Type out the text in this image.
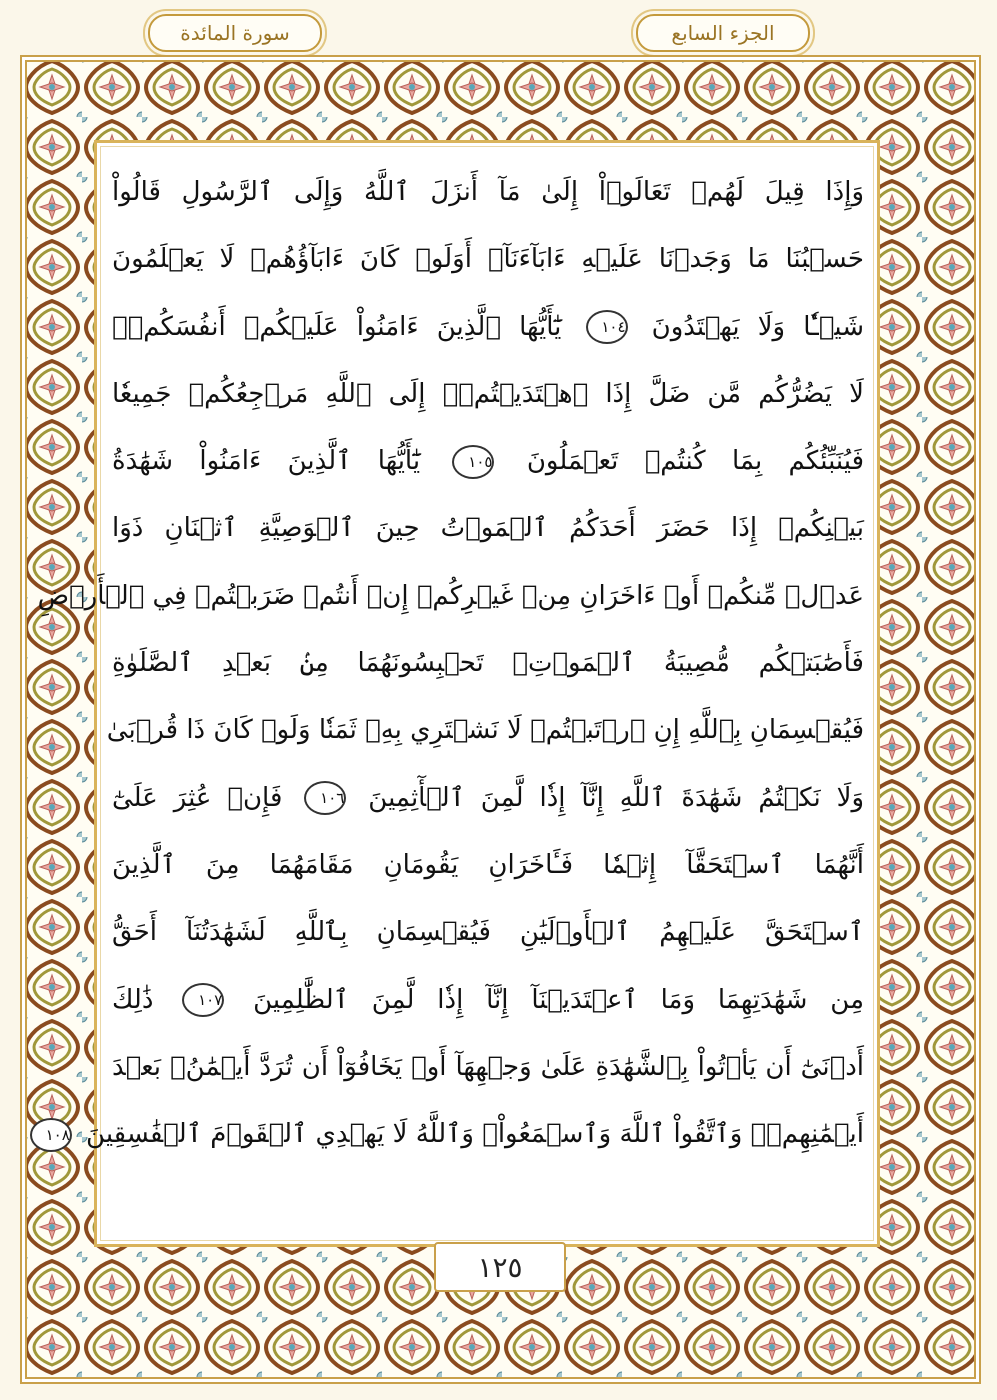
سورة المائدة	الجزء السابع
وَإِذَا قِيلَ لَهُمۡ تَعَالَوۡاْ إِلَىٰ مَآ أَنزَلَ ٱللَّهُ وَإِلَى ٱلرَّسُولِ قَالُواْ
حَسۡبُنَا مَا وَجَدۡنَا عَلَيۡهِ ءَابَآءَنَآۚ أَوَلَوۡ كَانَ ءَابَآؤُهُمۡ لَا يَعۡلَمُونَ
شَيۡـٔٗا وَلَا يَهۡتَدُونَ ١٠٤ يَٰٓأَيُّهَا ٱلَّذِينَ ءَامَنُواْ عَلَيۡكُمۡ أَنفُسَكُمۡۖ
لَا يَضُرُّكُم مَّن ضَلَّ إِذَا ٱهۡتَدَيۡتُمۡۚ إِلَى ٱللَّهِ مَرۡجِعُكُمۡ جَمِيعٗا
فَيُنَبِّئُكُم بِمَا كُنتُمۡ تَعۡمَلُونَ ١٠٥ يَٰٓأَيُّهَا ٱلَّذِينَ ءَامَنُواْ شَهَٰدَةُ
بَيۡنِكُمۡ إِذَا حَضَرَ أَحَدَكُمُ ٱلۡمَوۡتُ حِينَ ٱلۡوَصِيَّةِ ٱثۡنَانِ ذَوَا
عَدۡلٖ مِّنكُمۡ أَوۡ ءَاخَرَانِ مِنۡ غَيۡرِكُمۡ إِنۡ أَنتُمۡ ضَرَبۡتُمۡ فِي ٱلۡأَرۡضِ
فَأَصَٰبَتۡكُم مُّصِيبَةُ ٱلۡمَوۡتِۚ تَحۡبِسُونَهُمَا مِنۢ بَعۡدِ ٱلصَّلَوٰةِ
فَيُقۡسِمَانِ بِٱللَّهِ إِنِ ٱرۡتَبۡتُمۡ لَا نَشۡتَرِي بِهِۦ ثَمَنٗا وَلَوۡ كَانَ ذَا قُرۡبَىٰ
وَلَا نَكۡتُمُ شَهَٰدَةَ ٱللَّهِ إِنَّآ إِذٗا لَّمِنَ ٱلۡأٓثِمِينَ ١٠٦ فَإِنۡ عُثِرَ عَلَىٰٓ
أَنَّهُمَا ٱسۡتَحَقَّآ إِثۡمٗا فَـَٔاخَرَانِ يَقُومَانِ مَقَامَهُمَا مِنَ ٱلَّذِينَ
ٱسۡتَحَقَّ عَلَيۡهِمُ ٱلۡأَوۡلَيَٰنِ فَيُقۡسِمَانِ بِٱللَّهِ لَشَهَٰدَتُنَآ أَحَقُّ
مِن شَهَٰدَتِهِمَا وَمَا ٱعۡتَدَيۡنَآ إِنَّآ إِذٗا لَّمِنَ ٱلظَّٰلِمِينَ ١٠٧ ذَٰلِكَ
أَدۡنَىٰٓ أَن يَأۡتُواْ بِٱلشَّهَٰدَةِ عَلَىٰ وَجۡهِهَآ أَوۡ يَخَافُوٓاْ أَن تُرَدَّ أَيۡمَٰنُۢ بَعۡدَ
أَيۡمَٰنِهِمۡۗ وَٱتَّقُواْ ٱللَّهَ وَٱسۡمَعُواْۗ وَٱللَّهُ لَا يَهۡدِي ٱلۡقَوۡمَ ٱلۡفَٰسِقِينَ ١٠٨
١٢٥
